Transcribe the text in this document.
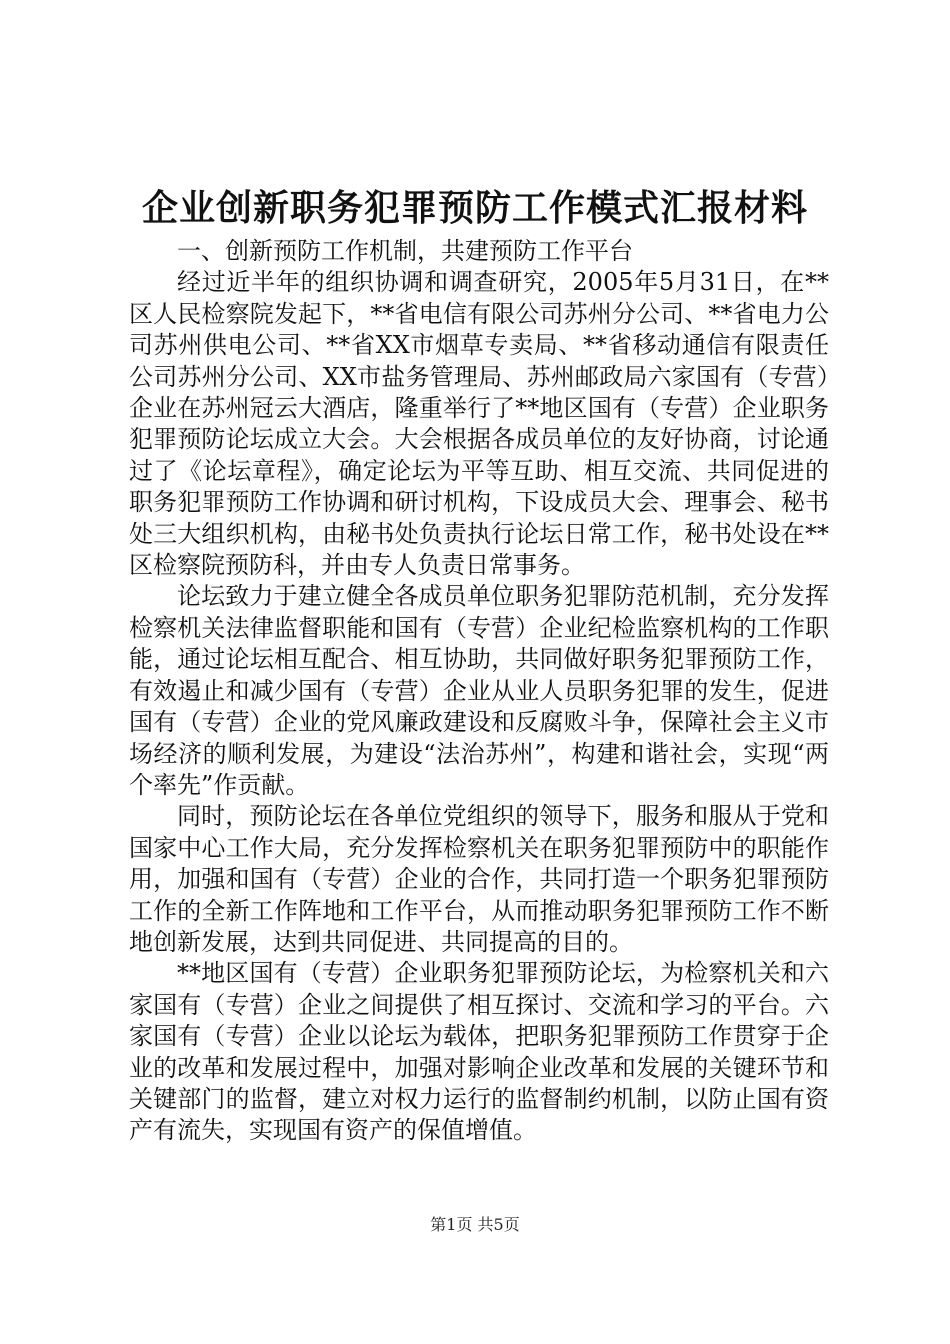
企业创新职务犯罪预防工作模式汇报材料

一、创新预防工作机制，共建预防工作平台

经过近半年的组织协调和调查研究，2005年5月31日，在**区人民检察院发起下，**省电信有限公司苏州分公司、**省电力公司苏州供电公司、**省XX市烟草专卖局、**省移动通信有限责任公司苏州分公司、XX市盐务管理局、苏州邮政局六家国有（专营）企业在苏州冠云大酒店，隆重举行了**地区国有（专营）企业职务犯罪预防论坛成立大会。大会根据各成员单位的友好协商，讨论通过了《论坛章程》，确定论坛为平等互助、相互交流、共同促进的职务犯罪预防工作协调和研讨机构，下设成员大会、理事会、秘书处三大组织机构，由秘书处负责执行论坛日常工作，秘书处设在**区检察院预防科，并由专人负责日常事务。

论坛致力于建立健全各成员单位职务犯罪防范机制，充分发挥检察机关法律监督职能和国有（专营）企业纪检监察机构的工作职能，通过论坛相互配合、相互协助，共同做好职务犯罪预防工作，有效遏止和减少国有（专营）企业从业人员职务犯罪的发生，促进国有（专营）企业的党风廉政建设和反腐败斗争，保障社会主义市场经济的顺利发展，为建设“法治苏州”，构建和谐社会，实现“两个率先”作贡献。

同时，预防论坛在各单位党组织的领导下，服务和服从于党和国家中心工作大局，充分发挥检察机关在职务犯罪预防中的职能作用，加强和国有（专营）企业的合作，共同打造一个职务犯罪预防工作的全新工作阵地和工作平台，从而推动职务犯罪预防工作不断地创新发展，达到共同促进、共同提高的目的。

**地区国有（专营）企业职务犯罪预防论坛，为检察机关和六家国有（专营）企业之间提供了相互探讨、交流和学习的平台。六家国有（专营）企业以论坛为载体，把职务犯罪预防工作贯穿于企业的改革和发展过程中，加强对影响企业改革和发展的关键环节和关键部门的监督，建立对权力运行的监督制约机制，以防止国有资产有流失，实现国有资产的保值增值。

第1页 共5页
